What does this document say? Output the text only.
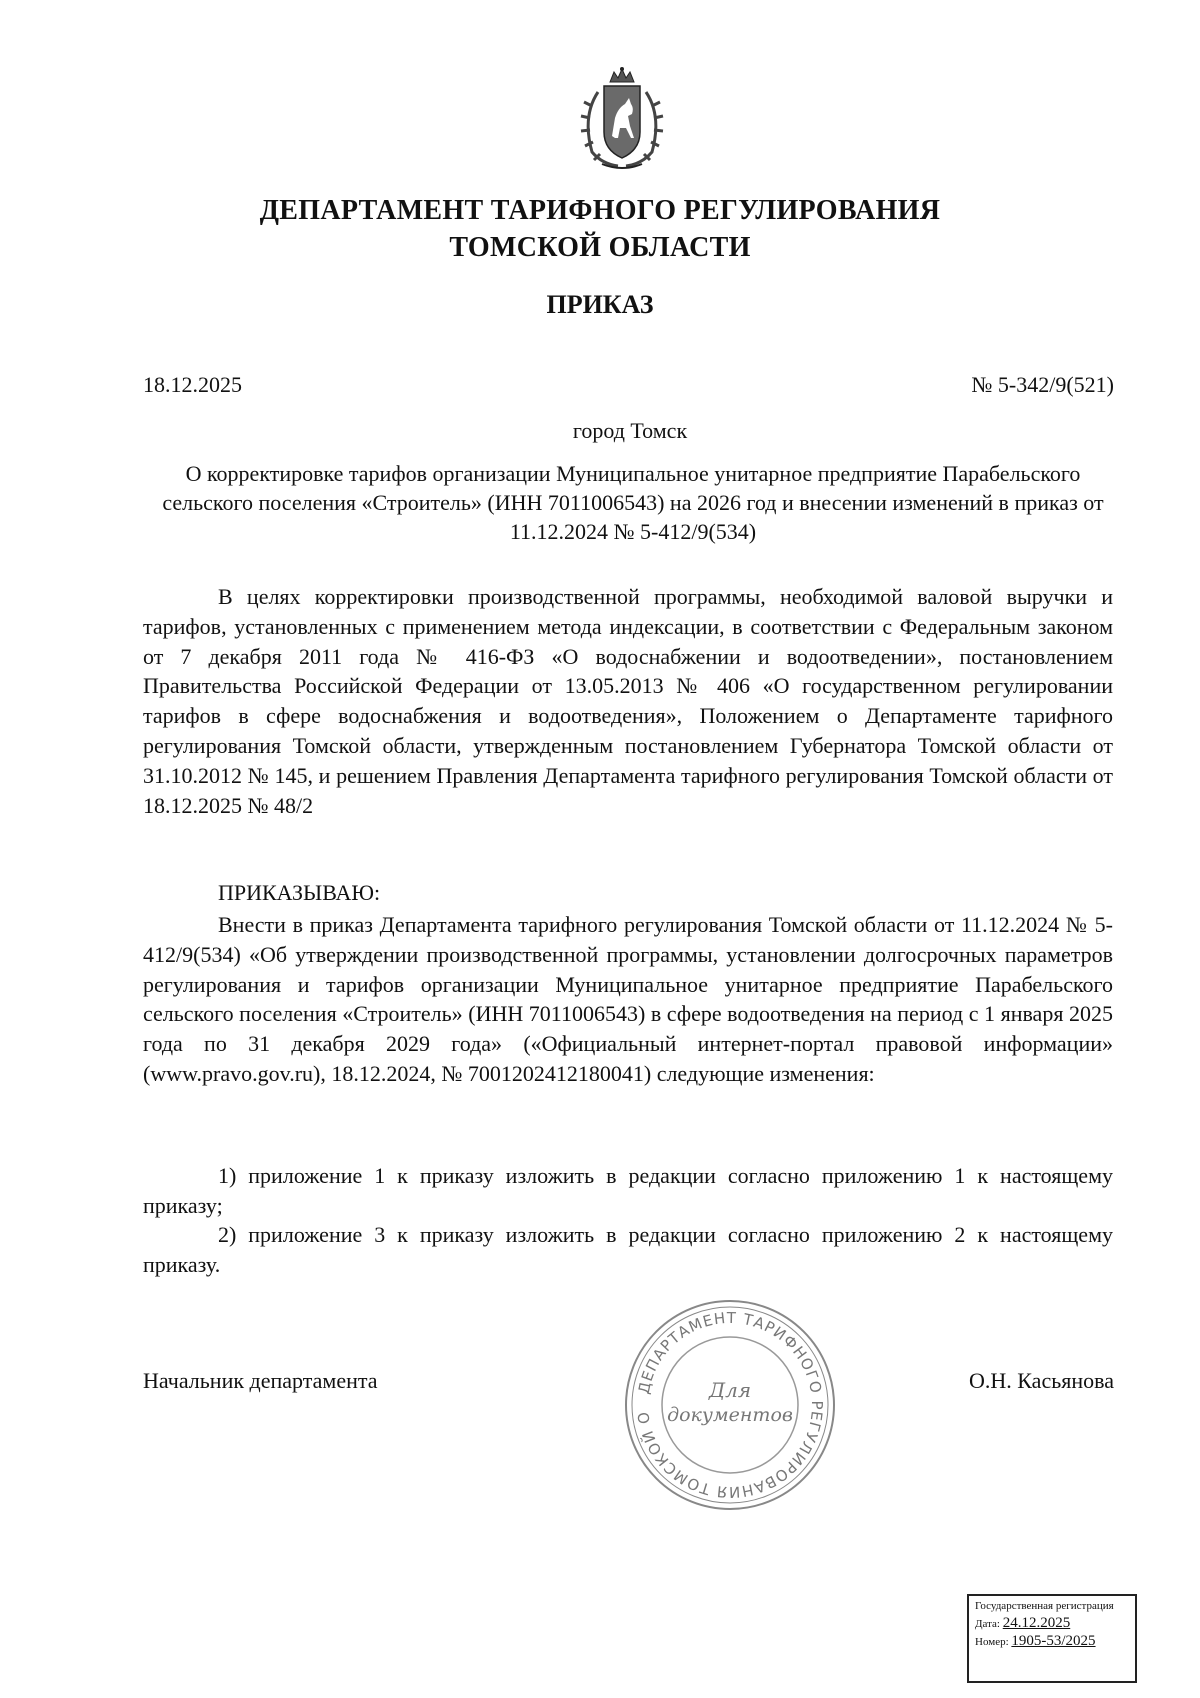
ДЕПАРТАМЕНТ ТАРИФНОГО РЕГУЛИРОВАНИЯ
ТОМСКОЙ ОБЛАСТИ
ПРИКАЗ
18.12.2025	№ 5-342/9(521)
город Томск
О корректировке тарифов организации Муниципальное унитарное предприятие Парабельского сельского поселения «Строитель» (ИНН 7011006543) на 2026 год и внесении изменений в приказ от 11.12.2024 № 5-412/9(534)
В целях корректировки производственной программы, необходимой валовой выручки и тарифов, установленных с применением метода индексации, в соответствии с Федеральным законом от 7 декабря 2011 года № 416-ФЗ «О водоснабжении и водоотведении», постановлением Правительства Российской Федерации от 13.05.2013 № 406 «О государственном регулировании тарифов в сфере водоснабжения и водоотведения», Положением о Департаменте тарифного регулирования Томской области, утвержденным постановлением Губернатора Томской области от 31.10.2012 № 145, и решением Правления Департамента тарифного регулирования Томской области от 18.12.2025 № 48/2
ПРИКАЗЫВАЮ:
Внести в приказ Департамента тарифного регулирования Томской области от 11.12.2024 № 5-412/9(534) «Об утверждении производственной программы, установлении долгосрочных параметров регулирования и тарифов организации Муниципальное унитарное предприятие Парабельского сельского поселения «Строитель» (ИНН 7011006543) в сфере водоотведения на период с 1 января 2025 года по 31 декабря 2029 года» («Официальный интернет-портал правовой информации» (www.pravo.gov.ru), 18.12.2024, № 7001202412180041) следующие изменения:
1) приложение 1 к приказу изложить в редакции согласно приложению 1 к настоящему приказу;
2) приложение 3 к приказу изложить в редакции согласно приложению 2 к настоящему приказу.
Начальник департамента	О.Н. Касьянова
ДЕПАРТАМЕНТ ТАРИФНОГО РЕГУЛИРОВАНИЯ ТОМСКОЙ О
Для
документов
Государственная регистрация
Дата: 24.12.2025
Номер: 1905-53/2025
